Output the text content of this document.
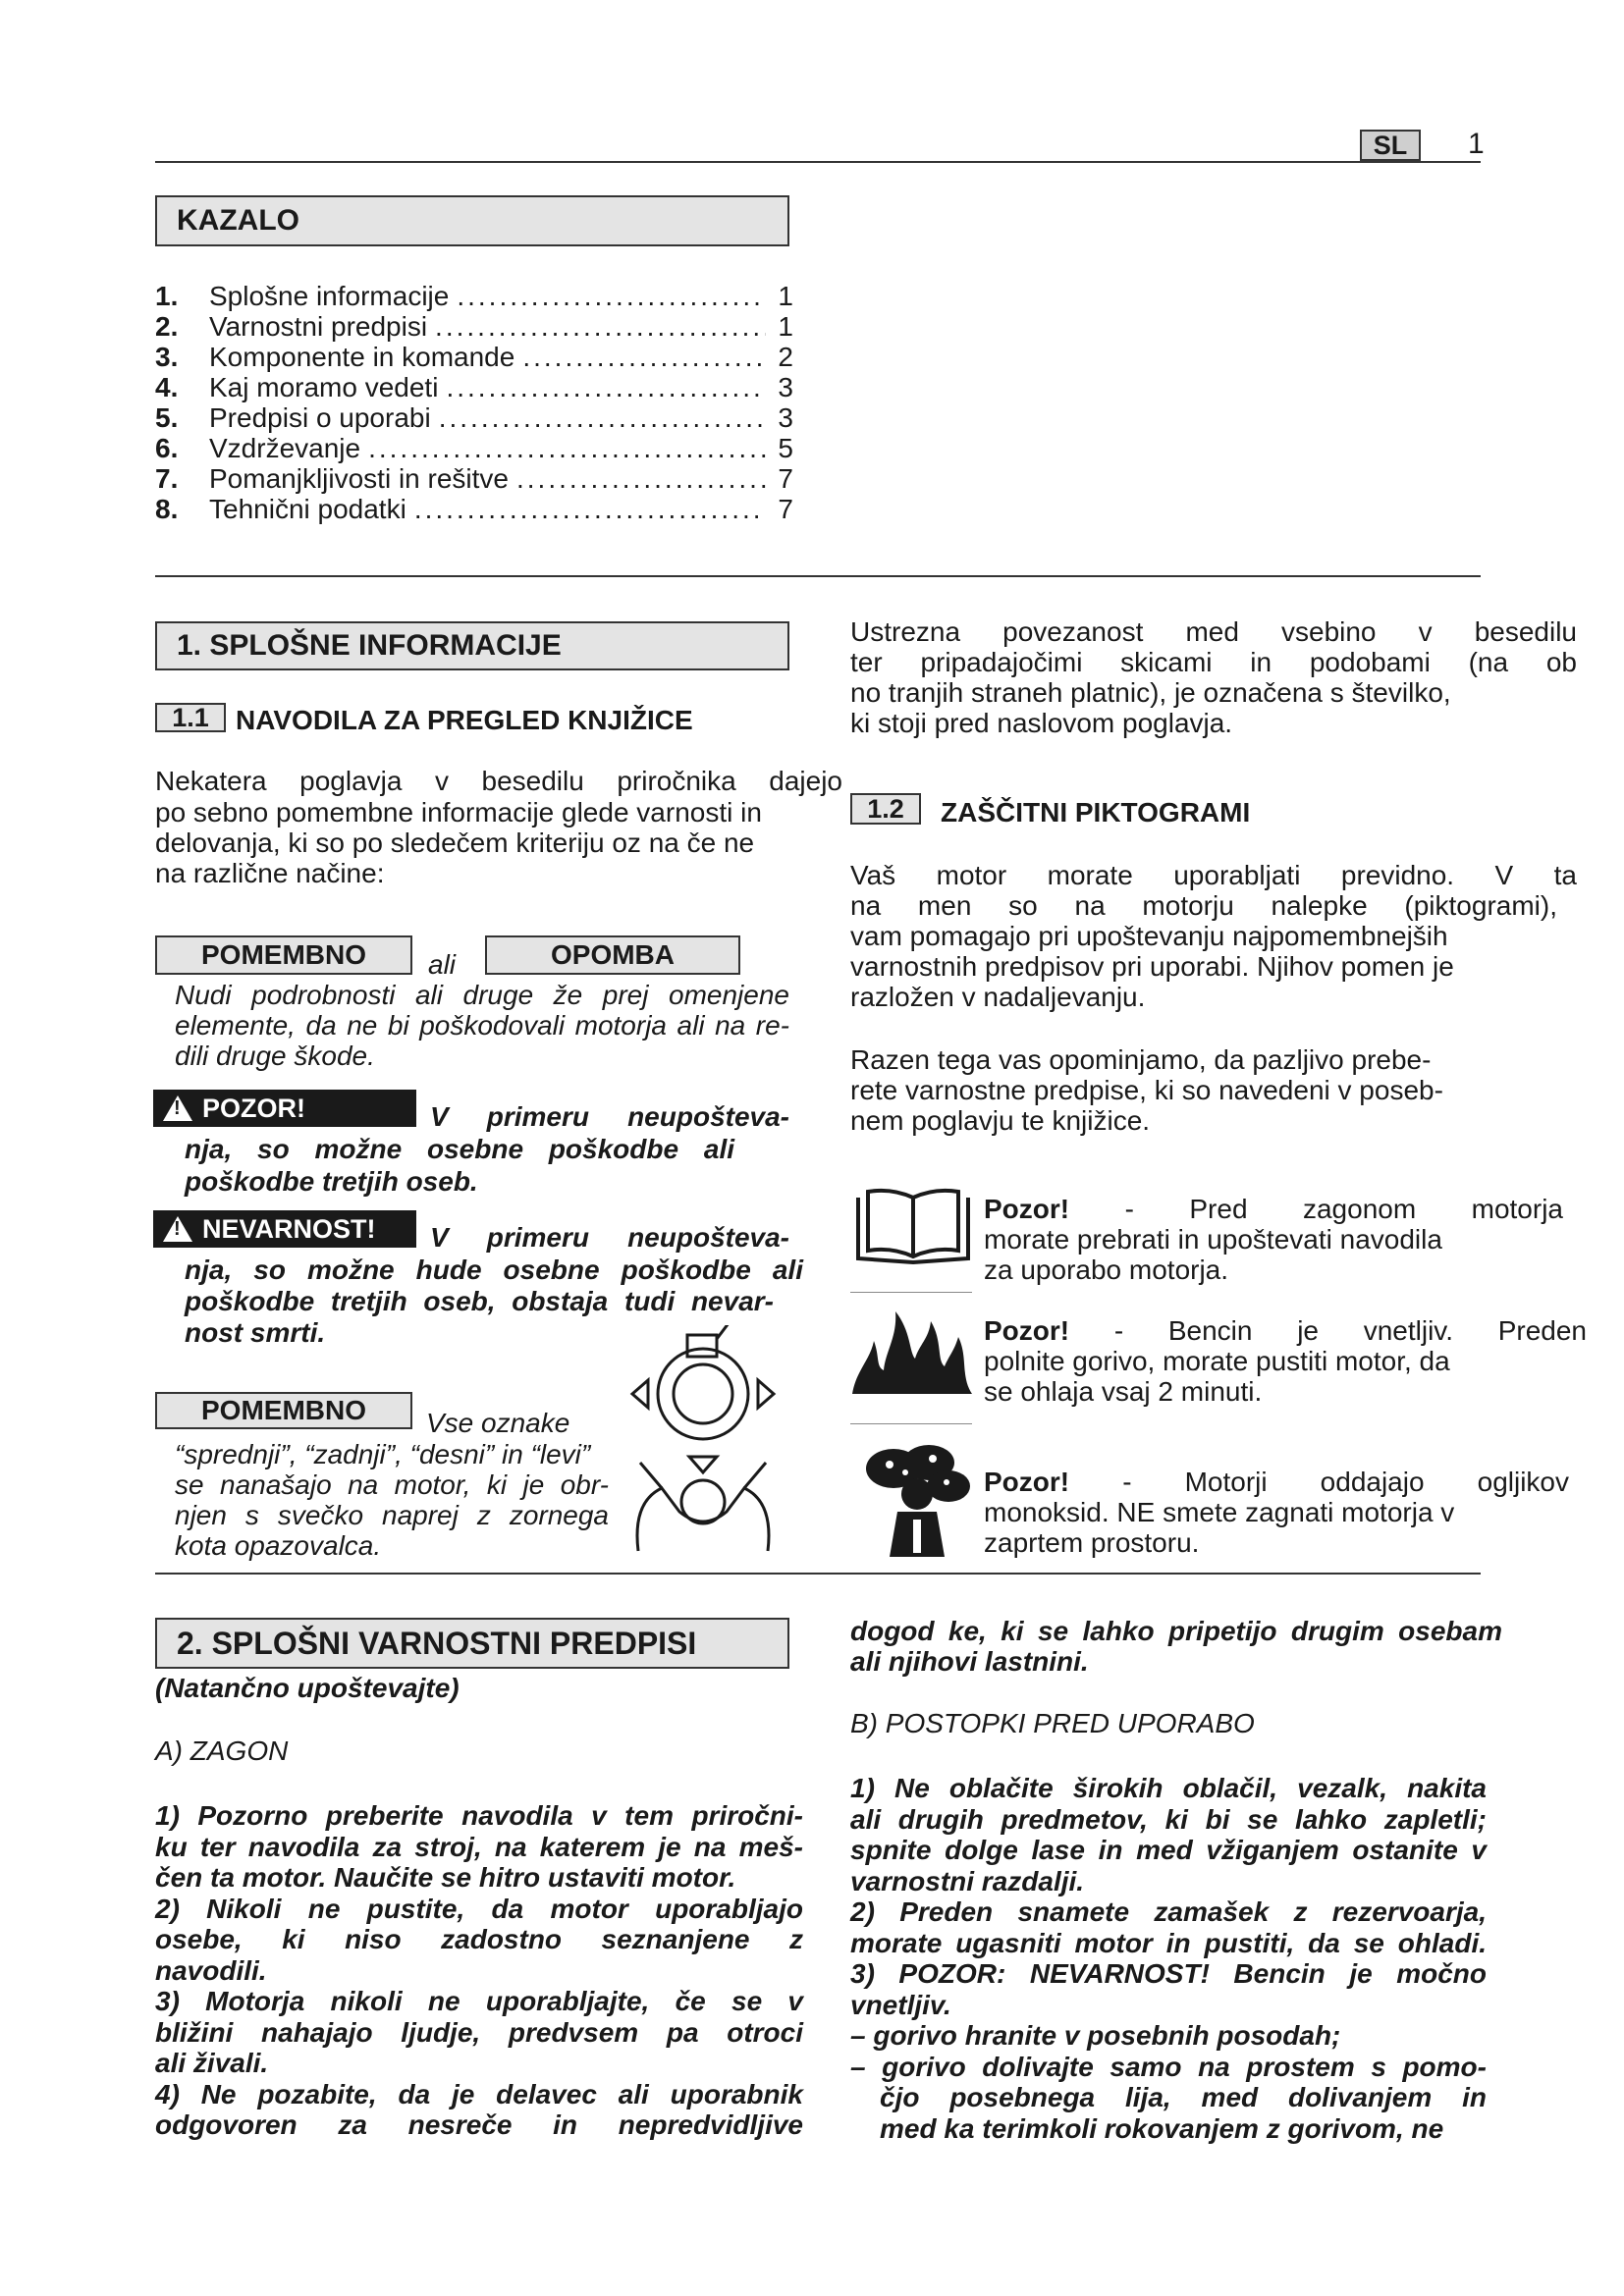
SL	1
KAZALO
1.	Splošne informacije .....	1
2.	Varnostni predpisi .....	1
3.	Komponente in komande .....	2
4.	Kaj moramo vedeti .....	3
5.	Predpisi o uporabi .....	3
6.	Vzdrževanje .....	5
7.	Pomanjkljivosti in rešitve .....	7
8.	Tehnični podatki .....	7
1. SPLOŠNE INFORMACIJE
1.1 NAVODILA ZA PREGLED KNJIŽICE
Nekatera poglavja v besedilu priročnika dajejo
po sebno pomembne informacije glede varnosti in
delovanja, ki so po sledečem kriteriju oz na če ne
na različne načine:
POMEMBNO	ali	OPOMBA
Nudi podrobnosti ali druge že prej omenjene
elemente, da ne bi poškodovali motorja ali na re-
dili druge škode.
!
POZOR!	V primeru neupošteva-
nja, so možne osebne poškodbe ali
poškodbe tretjih oseb.
!
NEVARNOST! V primeru neupošteva-
nja, so možne hude osebne poškodbe ali
poškodbe tretjih oseb, obstaja tudi nevar-
nost smrti.
POMEMBNO	Vse oznake
“sprednji”, “zadnji”, “desni” in “levi”
se nanašajo na motor, ki je obr-
njen s svečko naprej z zornega
kota opazovalca.
Ustrezna povezanost med vsebino v besedilu
ter pripadajočimi skicami in podobami (na ob
no tranjih straneh platnic), je označena s številko,
ki stoji pred naslovom poglavja.
1.2	ZAŠČITNI PIKTOGRAMI
Vaš motor morate uporabljati previdno. V ta
na men so na motorju nalepke (piktogrami),
vam pomagajo pri upoštevanju najpomembnejših
varnostnih predpisov pri uporabi. Njihov pomen je
razložen v nadaljevanju.
Razen tega vas opominjamo, da pazljivo prebe-
rete varnostne predpise, ki so navedeni v poseb-
nem poglavju te knjižice.
Pozor! - Pred zagonom motorja
morate prebrati in upoštevati navodila
za uporabo motorja.
Pozor! - Bencin je vnetljiv. Preden
polnite gorivo, morate pustiti motor, da
se ohlaja vsaj 2 minuti.
Pozor! - Motorji oddajajo ogljikov
monoksid. NE smete zagnati motorja v
zaprtem prostoru.
2. SPLOŠNI VARNOSTNI PREDPISI
(Natančno upoštevajte)
A) ZAGON
1) Pozorno preberite navodila v tem priročni-
ku ter navodila za stroj, na katerem je na meš-
čen ta motor. Naučite se hitro ustaviti motor.
2) Nikoli ne pustite, da motor uporabljajo
osebe, ki niso zadostno seznanjene z
navodili.
3) Motorja nikoli ne uporabljajte, če se v
bližini nahajajo ljudje, predvsem pa otroci
ali živali.
4) Ne pozabite, da je delavec ali uporabnik
odgovoren za nesreče in nepredvidljive
dogod ke, ki se lahko pripetijo drugim osebam
ali njihovi lastnini.
B) POSTOPKI PRED UPORABO
1) Ne oblačite širokih oblačil, vezalk, nakita
ali drugih predmetov, ki bi se lahko zapletli;
spnite dolge lase in med vžiganjem ostanite v
varnostni razdalji.
2) Preden snamete zamašek z rezervoarja,
morate ugasniti motor in pustiti, da se ohladi.
3) POZOR: NEVARNOST! Bencin je močno
vnetljiv.
– gorivo hranite v posebnih posodah;
– gorivo dolivajte samo na prostem s pomo-
čjo posebnega lija, med dolivanjem in
med ka terimkoli rokovanjem z gorivom, ne
